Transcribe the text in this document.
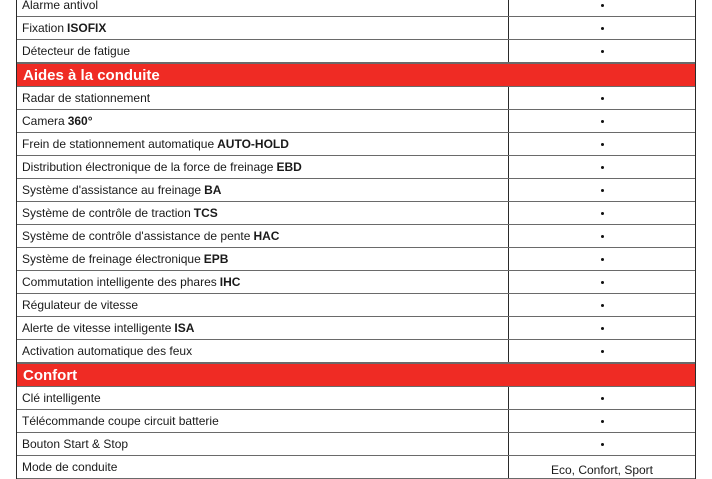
Alarme antivol
Fixation ISOFIX
Détecteur de fatigue
Aides à la conduite
Radar de stationnement
Camera 360°
Frein de stationnement automatique AUTO-HOLD
Distribution électronique de la force de freinage EBD
Système d'assistance au freinage BA
Système de contrôle de traction TCS
Système de contrôle d'assistance de pente HAC
Système de freinage électronique EPB
Commutation intelligente des phares IHC
Régulateur de vitesse
Alerte de vitesse intelligente ISA
Activation automatique des feux
Confort
Clé intelligente
Télécommande coupe circuit batterie
Bouton Start & Stop
Mode de conduite	Eco, Confort, Sport
